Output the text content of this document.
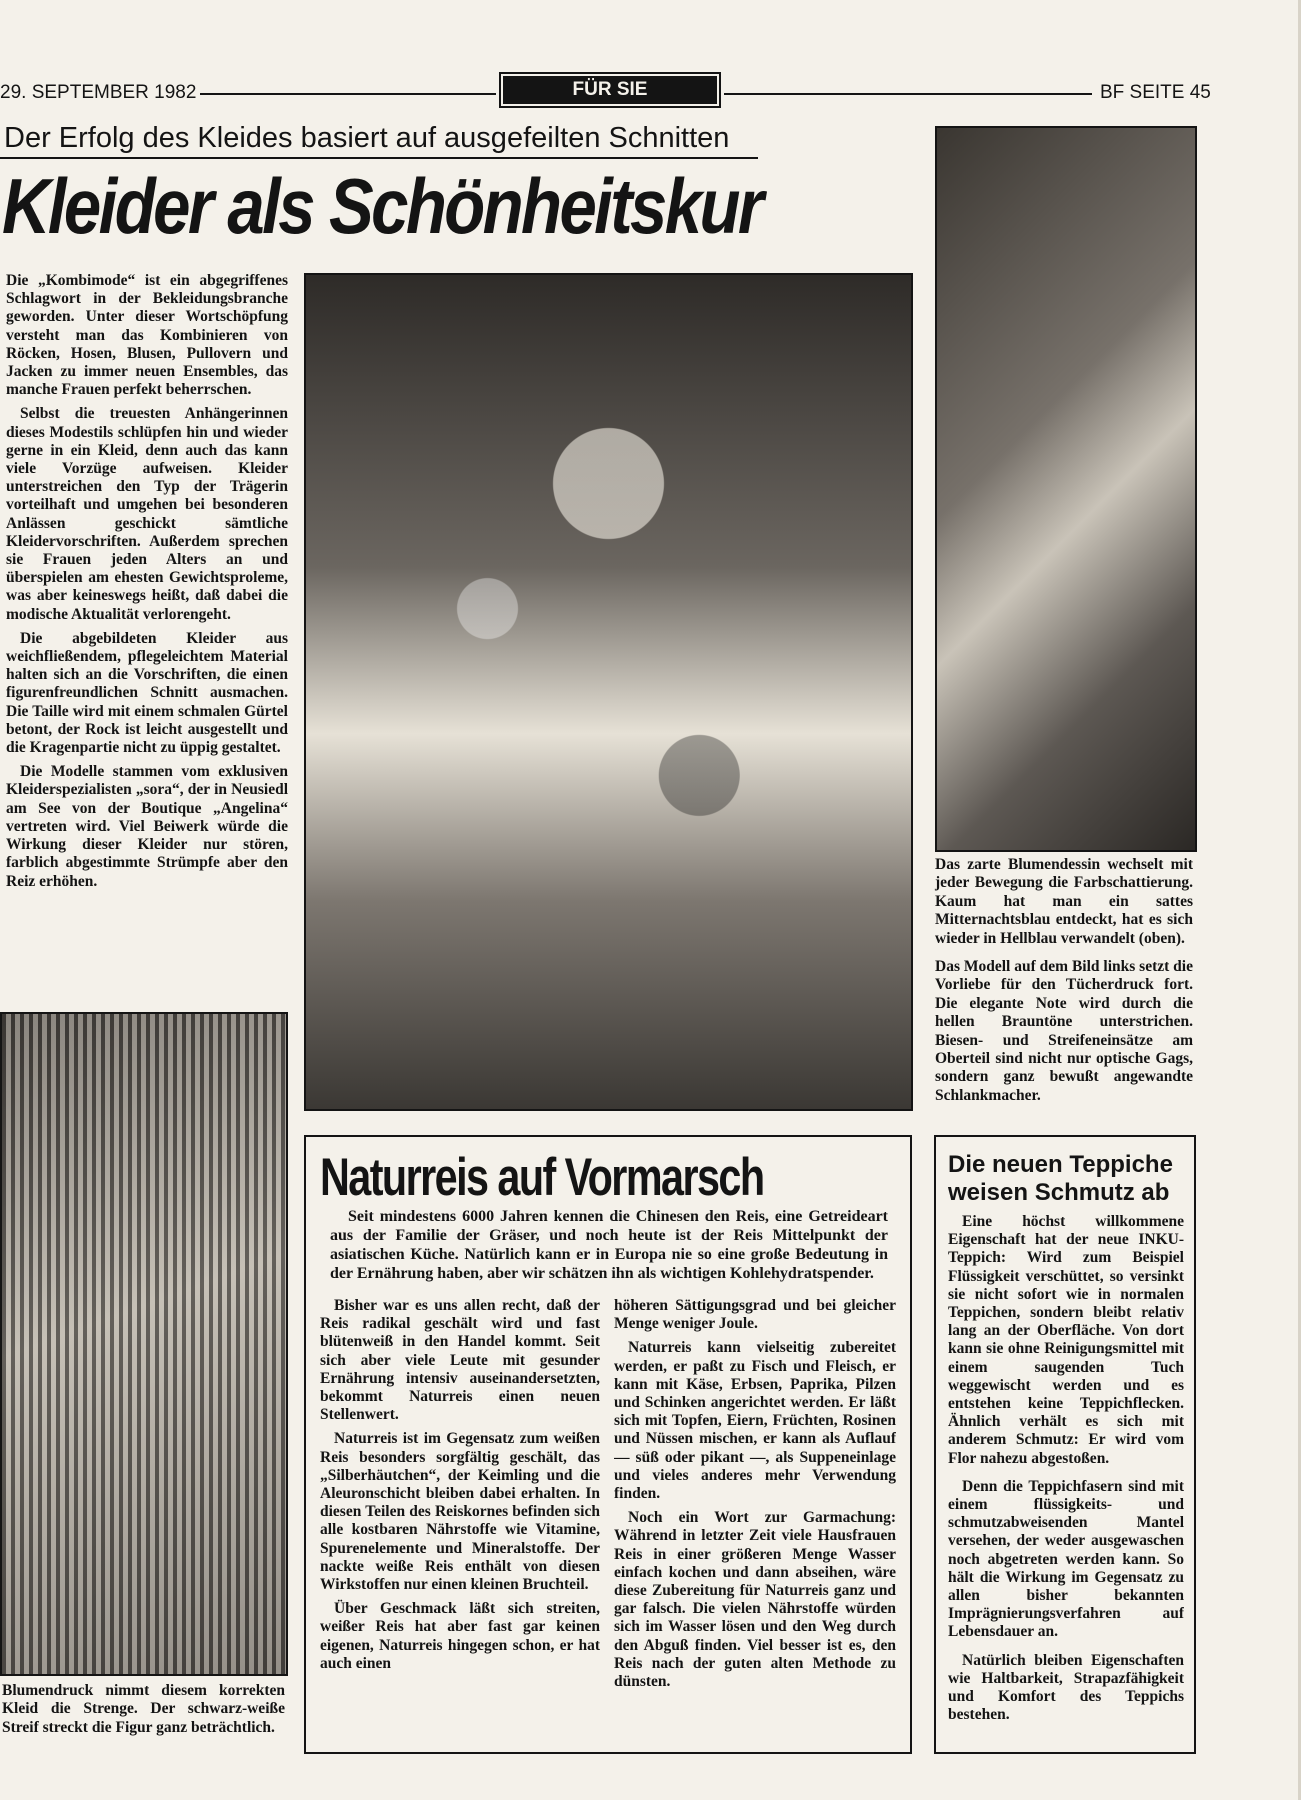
29. SEPTEMBER 1982	FÜR SIE	BF SEITE 45
Der Erfolg des Kleides basiert auf ausgefeilten Schnitten
Kleider als Schönheitskur

Die „Kombimode“ ist ein abgegriffenes Schlagwort in der Bekleidungsbranche geworden. Unter dieser Wortschöpfung versteht man das Kombinieren von Röcken, Hosen, Blusen, Pullovern und Jacken zu immer neuen Ensembles, das manche Frauen perfekt beherrschen.

Selbst die treuesten Anhängerinnen dieses Modestils schlüpfen hin und wieder gerne in ein Kleid, denn auch das kann viele Vorzüge aufweisen. Kleider unterstreichen den Typ der Trägerin vorteilhaft und umgehen bei besonderen Anlässen geschickt sämtliche Kleidervorschriften. Außerdem sprechen sie Frauen jeden Alters an und überspielen am ehesten Gewichtsproleme, was aber keineswegs heißt, daß dabei die modische Aktualität verlorengeht.

Die abgebildeten Kleider aus weichfließendem, pflegeleichtem Material halten sich an die Vorschriften, die einen figurenfreundlichen Schnitt ausmachen. Die Taille wird mit einem schmalen Gürtel betont, der Rock ist leicht ausgestellt und die Kragenpartie nicht zu üppig gestaltet.

Die Modelle stammen vom exklusiven Kleiderspezialisten „sora“, der in Neusiedl am See von der Boutique „Angelina“ vertreten wird. Viel Beiwerk würde die Wirkung dieser Kleider nur stören, farblich abgestimmte Strümpfe aber den Reiz erhöhen.

Das zarte Blumendessin wechselt mit jeder Bewegung die Farbschattierung. Kaum hat man ein sattes Mitternachtsblau entdeckt, hat es sich wieder in Hellblau verwandelt (oben).
Das Modell auf dem Bild links setzt die Vorliebe für den Tücherdruck fort. Die elegante Note wird durch die hellen Brauntöne unterstrichen. Biesen- und Streifeneinsätze am Oberteil sind nicht nur optische Gags, sondern ganz bewußt angewandte Schlankmacher.
Blumendruck nimmt diesem korrekten Kleid die Strenge. Der schwarz-weiße Streif streckt die Figur ganz beträchtlich.
Naturreis auf Vormarsch
Seit mindestens 6000 Jahren kennen die Chinesen den Reis, eine Getreideart aus der Familie der Gräser, und noch heute ist der Reis Mittelpunkt der asiatischen Küche. Natürlich kann er in Europa nie so eine große Bedeutung in der Ernährung haben, aber wir schätzen ihn als wichtigen Kohlehydratspender.

Bisher war es uns allen recht, daß der Reis radikal geschält wird und fast blütenweiß in den Handel kommt. Seit sich aber viele Leute mit gesunder Ernährung intensiv auseinandersetzten, bekommt Naturreis einen neuen Stellenwert.

Naturreis ist im Gegensatz zum weißen Reis besonders sorgfältig geschält, das „Silberhäutchen“, der Keimling und die Aleuronschicht bleiben dabei erhalten. In diesen Teilen des Reiskornes befinden sich alle kostbaren Nährstoffe wie Vitamine, Spurenelemente und Mineralstoffe. Der nackte weiße Reis enthält von diesen Wirkstoffen nur einen kleinen Bruchteil.

Über Geschmack läßt sich streiten, weißer Reis hat aber fast gar keinen eigenen, Naturreis hingegen schon, er hat auch einen

höheren Sättigungsgrad und bei gleicher Menge weniger Joule.

Naturreis kann vielseitig zubereitet werden, er paßt zu Fisch und Fleisch, er kann mit Käse, Erbsen, Paprika, Pilzen und Schinken angerichtet werden. Er läßt sich mit Topfen, Eiern, Früchten, Rosinen und Nüssen mischen, er kann als Auflauf — süß oder pikant —, als Suppeneinlage und vieles anderes mehr Verwendung finden.

Noch ein Wort zur Garmachung: Während in letzter Zeit viele Hausfrauen Reis in einer größeren Menge Wasser einfach kochen und dann abseihen, wäre diese Zubereitung für Naturreis ganz und gar falsch. Die vielen Nährstoffe würden sich im Wasser lösen und den Weg durch den Abguß finden. Viel besser ist es, den Reis nach der guten alten Methode zu dünsten.

Die neuen Teppiche weisen Schmutz ab

Eine höchst willkommene Eigenschaft hat der neue INKU-Teppich: Wird zum Beispiel Flüssigkeit verschüttet, so versinkt sie nicht sofort wie in normalen Teppichen, sondern bleibt relativ lang an der Oberfläche. Von dort kann sie ohne Reinigungsmittel mit einem saugenden Tuch weggewischt werden und es entstehen keine Teppichflecken. Ähnlich verhält es sich mit anderem Schmutz: Er wird vom Flor nahezu abgestoßen.

Denn die Teppichfasern sind mit einem flüssigkeits- und schmutzabweisenden Mantel versehen, der weder ausgewaschen noch abgetreten werden kann. So hält die Wirkung im Gegensatz zu allen bisher bekannten Imprägnierungsverfahren auf Lebensdauer an.

Natürlich bleiben Eigenschaften wie Haltbarkeit, Strapazfähigkeit und Komfort des Teppichs bestehen.
